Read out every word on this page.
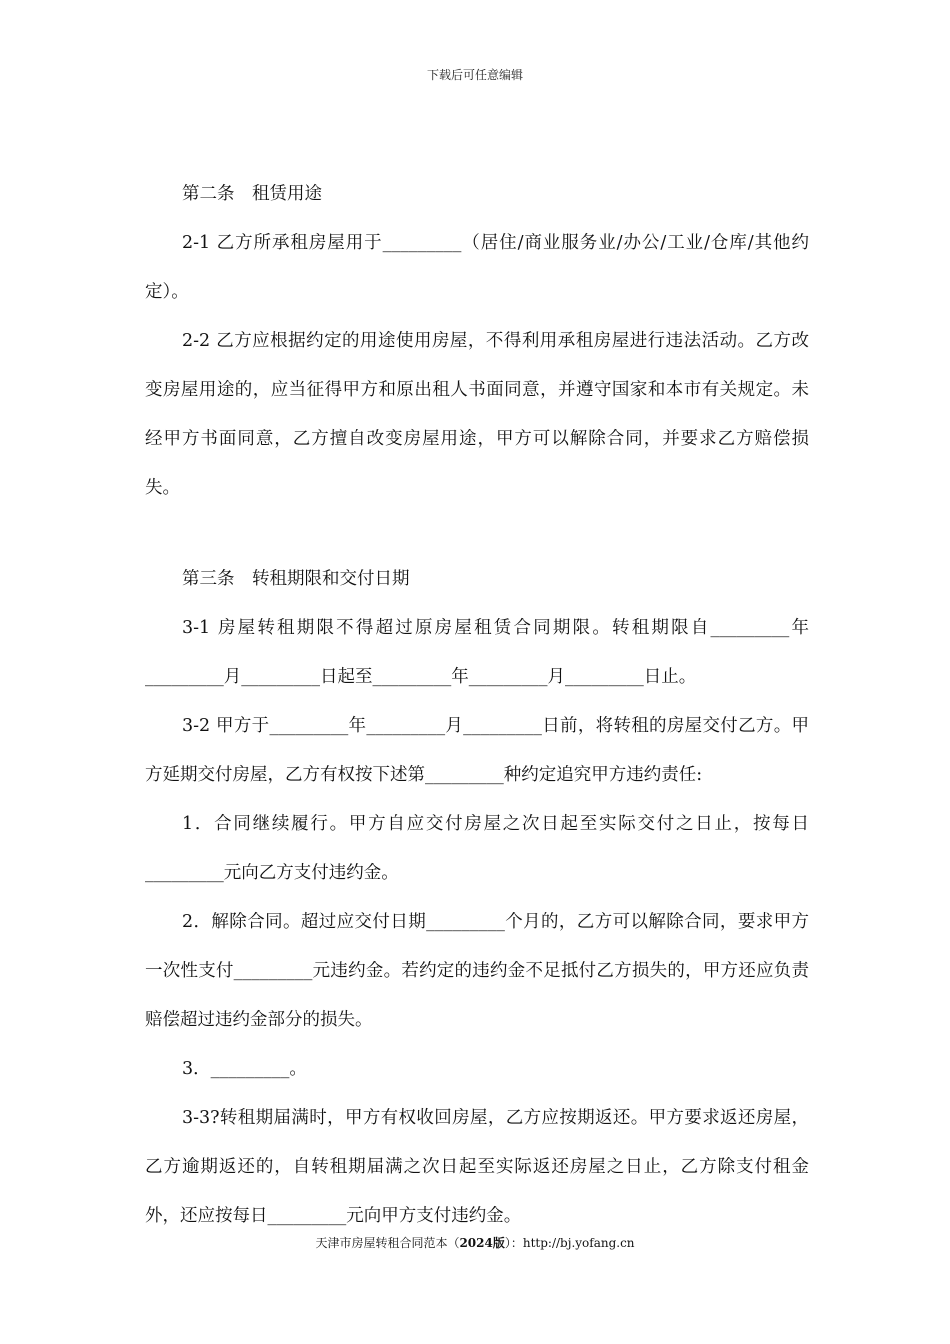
下载后可任意编辑

第二条　租赁用途

2-1 乙方所承租房屋用于_________（居住/商业服务业/办公/工业/仓库/其他约定）。

2-2 乙方应根据约定的用途使用房屋，不得利用承租房屋进行违法活动。乙方改变房屋用途的，应当征得甲方和原出租人书面同意，并遵守国家和本市有关规定。未经甲方书面同意，乙方擅自改变房屋用途，甲方可以解除合同，并要求乙方赔偿损失。

第三条　转租期限和交付日期

3-1 房屋转租期限不得超过原房屋租赁合同期限。转租期限自_________年_________月_________日起至_________年_________月_________日止。

3-2 甲方于_________年_________月_________日前，将转租的房屋交付乙方。甲方延期交付房屋，乙方有权按下述第_________种约定追究甲方违约责任:

1．合同继续履行。甲方自应交付房屋之次日起至实际交付之日止，按每日_________元向乙方支付违约金。

2．解除合同。超过应交付日期_________个月的，乙方可以解除合同，要求甲方一次性支付_________元违约金。若约定的违约金不足抵付乙方损失的，甲方还应负责赔偿超过违约金部分的损失。

3．_________。

3-3?转租期届满时，甲方有权收回房屋，乙方应按期返还。甲方要求返还房屋，乙方逾期返还的，自转租期届满之次日起至实际返还房屋之日止，乙方除支付租金外，还应按每日_________元向甲方支付违约金。

天津市房屋转租合同范本（2024版）：http://bj.yofang.cn
